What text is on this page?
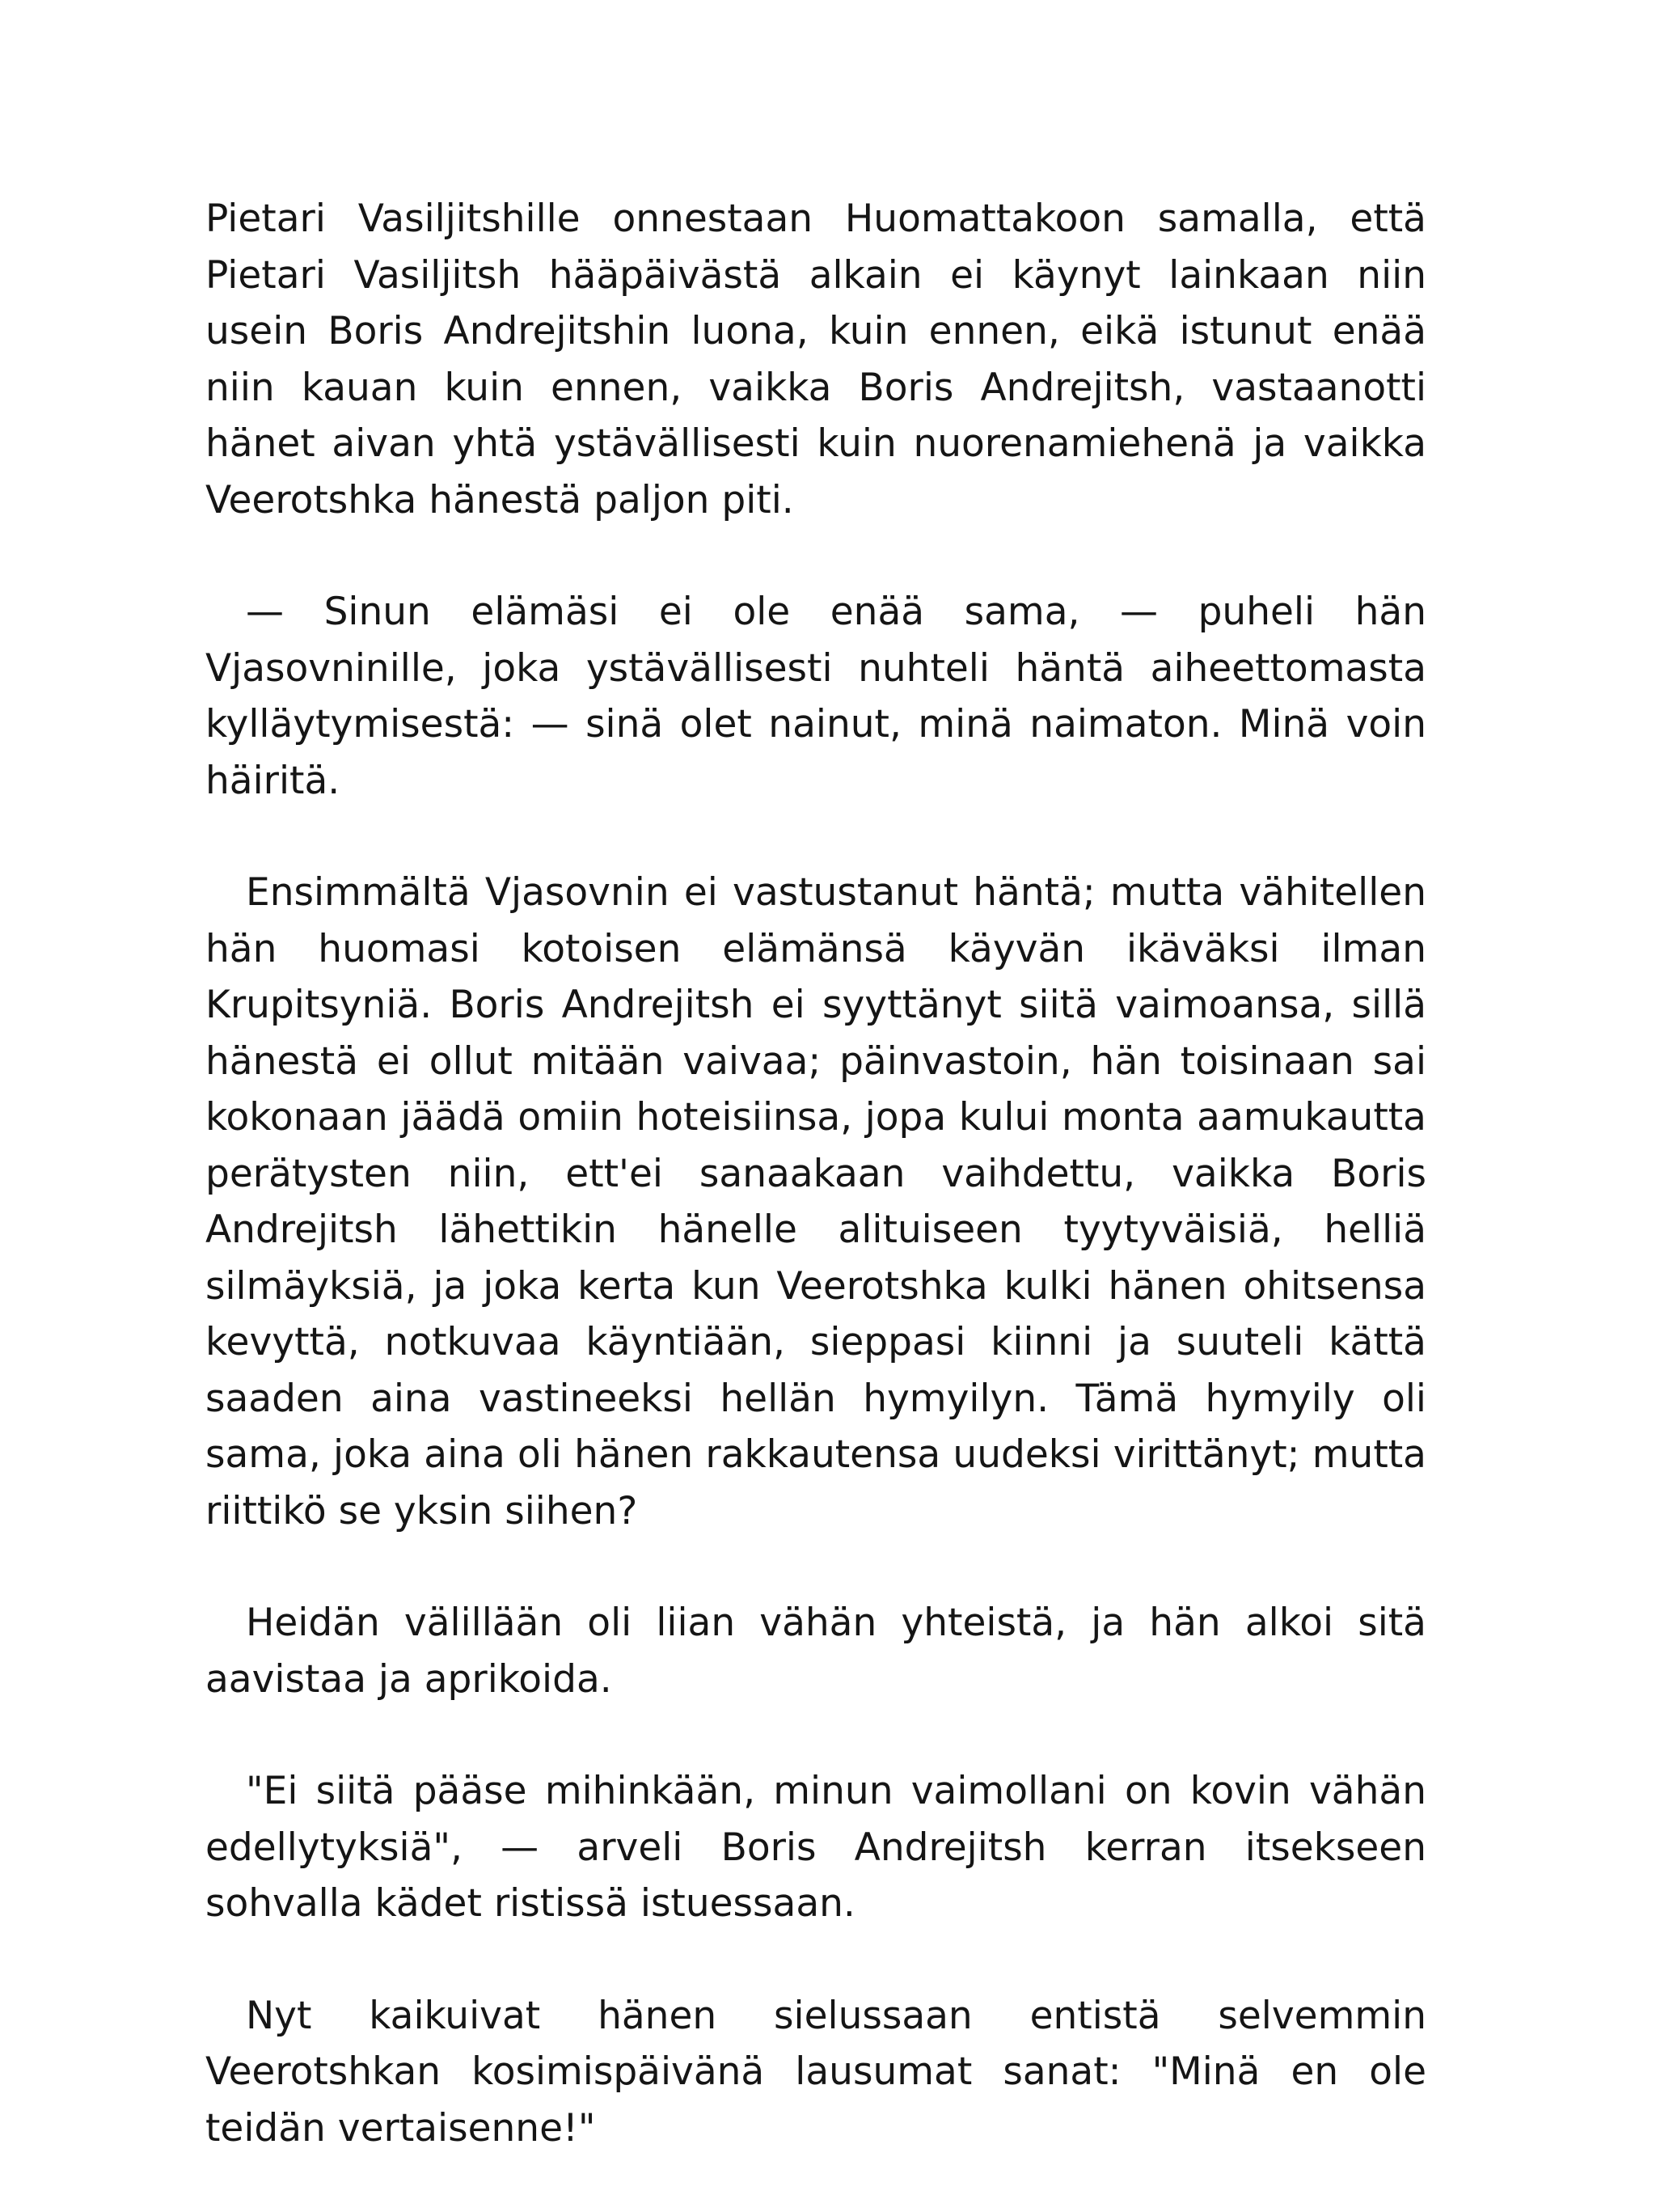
Pietari Vasiljitshille onnestaan Huomattakoon samalla, että Pietari Vasiljitsh hääpäivästä alkain ei käynyt lainkaan niin usein Boris Andrejitshin luona, kuin ennen, eikä istunut enää niin kauan kuin ennen, vaikka Boris Andrejitsh, vastaanotti hänet aivan yhtä ystävällisesti kuin nuorenamiehenä ja vaikka Veerotshka hänestä paljon piti.

— Sinun elämäsi ei ole enää sama, — puheli hän Vjasovninille, joka ystävällisesti nuhteli häntä aiheettomasta kylläytymisestä: — sinä olet nainut, minä naimaton. Minä voin häiritä.

Ensimmältä Vjasovnin ei vastustanut häntä; mutta vähitellen hän huomasi kotoisen elämänsä käyvän ikäväksi ilman Krupitsyniä. Boris Andrejitsh ei syyttänyt siitä vaimoansa, sillä hänestä ei ollut mitään vaivaa; päinvastoin, hän toisinaan sai kokonaan jäädä omiin hoteisiinsa, jopa kului monta aamukautta perätysten niin, ett'ei sanaakaan vaihdettu, vaikka Boris Andrejitsh lähettikin hänelle alituiseen tyytyväisiä, helliä silmäyksiä, ja joka kerta kun Veerotshka kulki hänen ohitsensa kevyttä, notkuvaa käyntiään, sieppasi kiinni ja suuteli kättä saaden aina vastineeksi hellän hymyilyn. Tämä hymyily oli sama, joka aina oli hänen rakkautensa uudeksi virittänyt; mutta riittikö se yksin siihen?

Heidän välillään oli liian vähän yhteistä, ja hän alkoi sitä aavistaa ja aprikoida.

"Ei siitä pääse mihinkään, minun vaimollani on kovin vähän edellytyksiä", — arveli Boris Andrejitsh kerran itsekseen sohvalla kädet ristissä istuessaan.

Nyt kaikuivat hänen sielussaan entistä selvemmin Veerotshkan kosimispäivänä lausumat sanat: "Minä en ole teidän vertaisenne!"
